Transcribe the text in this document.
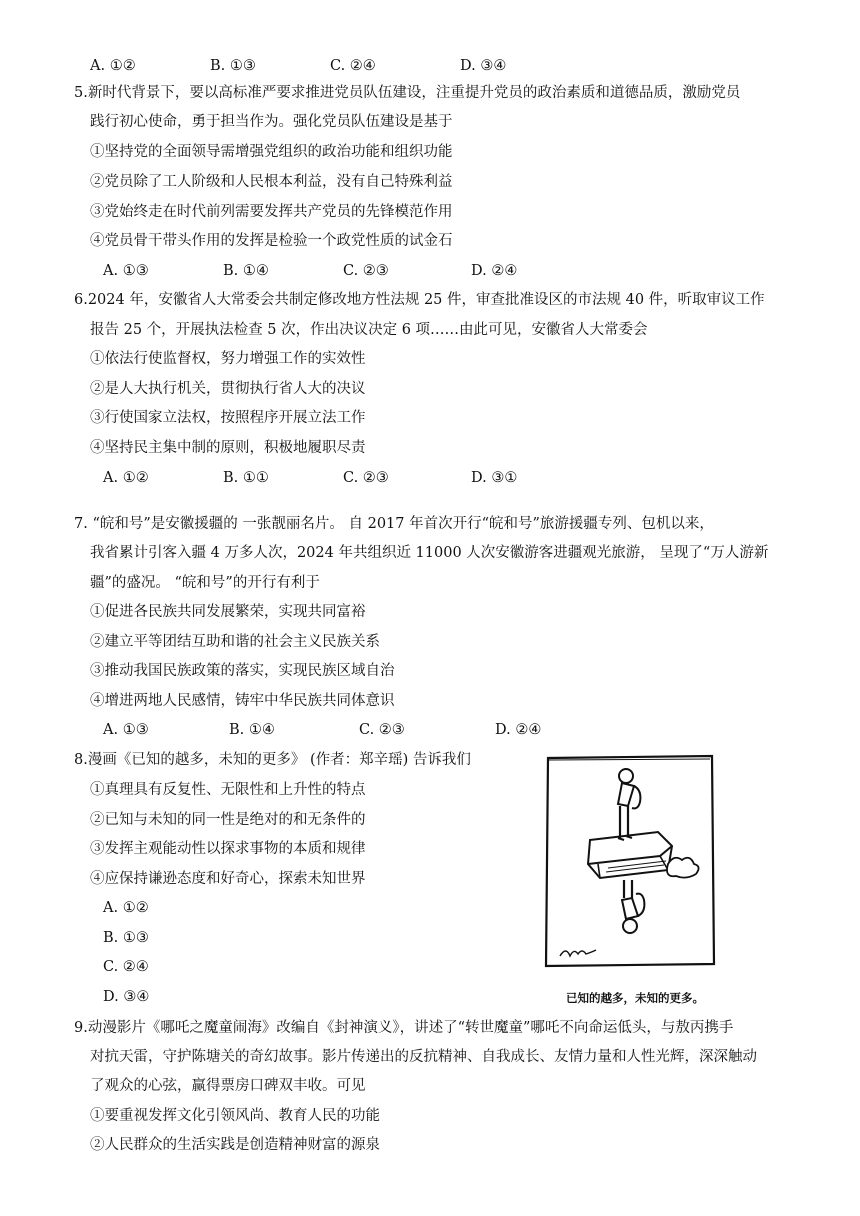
A. ①②	B. ①③	C. ②④	D. ③④
5.新时代背景下，要以高标准严要求推进党员队伍建设，注重提升党员的政治素质和道德品质，激励党员
践行初心使命，勇于担当作为。强化党员队伍建设是基于
①坚持党的全面领导需增强党组织的政治功能和组织功能
②党员除了工人阶级和人民根本利益，没有自己特殊利益
③党始终走在时代前列需要发挥共产党员的先锋模范作用
④党员骨干带头作用的发挥是检验一个政党性质的试金石
A. ①③	B. ①④	C. ②③	D. ②④
6.2024 年，安徽省人大常委会共制定修改地方性法规 25 件，审查批准设区的市法规 40 件，听取审议工作
报告 25 个，开展执法检查 5 次，作出决议决定 6 项……由此可见，安徽省人大常委会
①依法行使监督权，努力增强工作的实效性
②是人大执行机关，贯彻执行省人大的决议
③行使国家立法权，按照程序开展立法工作
④坚持民主集中制的原则，积极地履职尽责
A. ①②	B. ①①	C. ②③	D. ③①
7. “皖和号”是安徽援疆的 一张靓丽名片。 自 2017 年首次开行“皖和号”旅游援疆专列、包机以来，
我省累计引客入疆 4 万多人次，2024 年共组织近 11000 人次安徽游客进疆观光旅游， 呈现了“万人游新
疆”的盛况。 “皖和号”的开行有利于
①促进各民族共同发展繁荣，实现共同富裕
②建立平等团结互助和谐的社会主义民族关系
③推动我国民族政策的落实，实现民族区域自治
④增进两地人民感情，铸牢中华民族共同体意识
A. ①③	B. ①④	C. ②③	D. ②④
8.漫画《已知的越多，未知的更多》 (作者：郑辛瑶) 告诉我们
①真理具有反复性、无限性和上升性的特点
②已知与未知的同一性是绝对的和无条件的
③发挥主观能动性以探求事物的本质和规律
④应保持谦逊态度和好奇心，探索未知世界
A. ①②
B. ①③
C. ②④
D. ③④	已知的越多，未知的更多。
9.动漫影片《哪吒之魔童闹海》改编自《封神演义》，讲述了“转世魔童”哪吒不向命运低头，与敖丙携手
对抗天雷，守护陈塘关的奇幻故事。影片传递出的反抗精神、自我成长、友情力量和人性光辉，深深触动
了观众的心弦，赢得票房口碑双丰收。可见
①要重视发挥文化引领风尚、教育人民的功能
②人民群众的生活实践是创造精神财富的源泉
